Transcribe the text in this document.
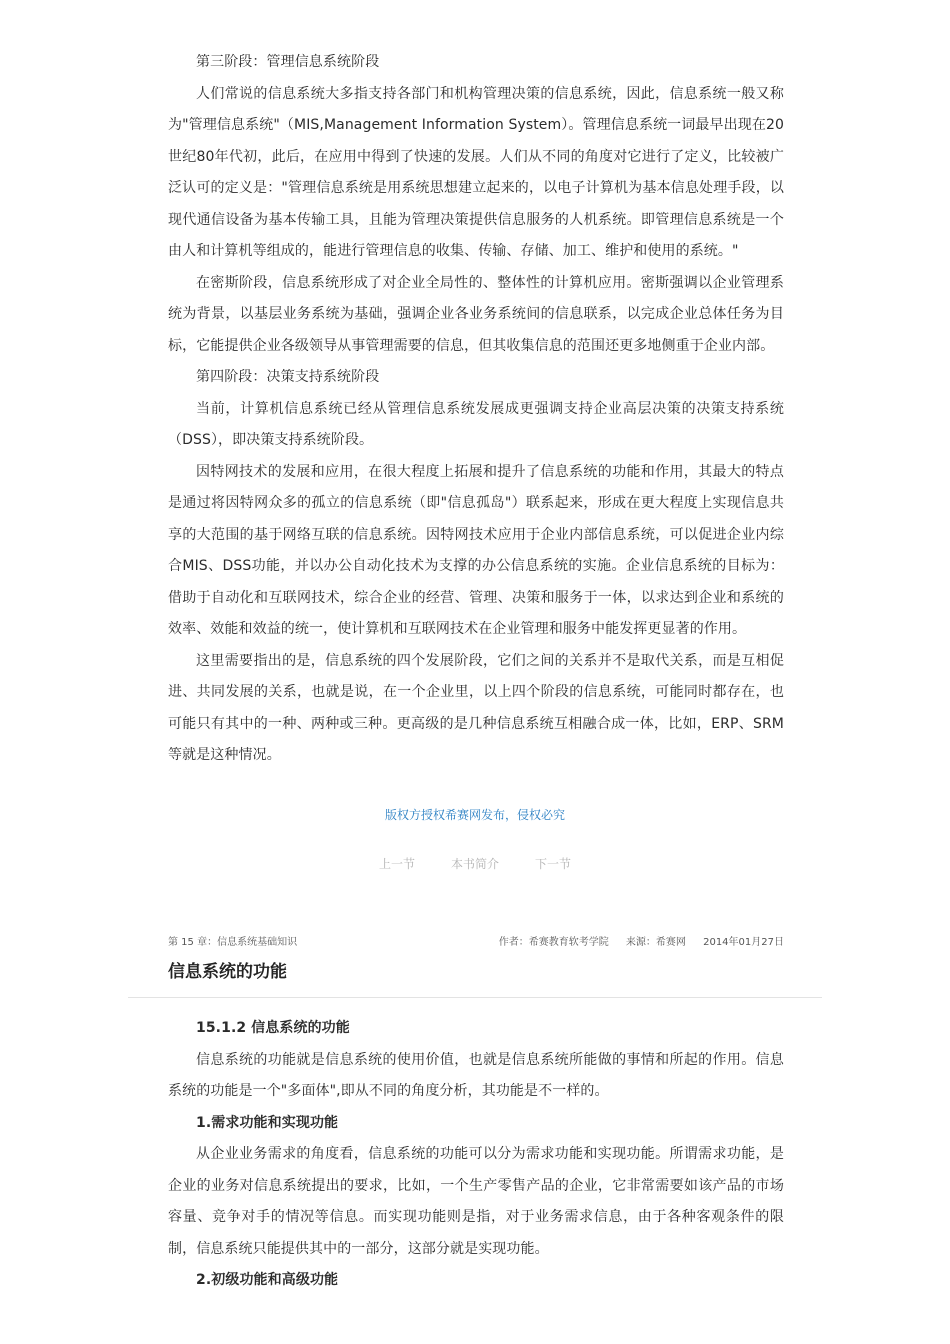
第三阶段：管理信息系统阶段

人们常说的信息系统大多指支持各部门和机构管理决策的信息系统，因此，信息系统一般又称为"管理信息系统"（MIS,Management Information System）。管理信息系统一词最早出现在20世纪80年代初，此后，在应用中得到了快速的发展。人们从不同的角度对它进行了定义，比较被广泛认可的定义是："管理信息系统是用系统思想建立起来的，以电子计算机为基本信息处理手段，以现代通信设备为基本传输工具，且能为管理决策提供信息服务的人机系统。即管理信息系统是一个由人和计算机等组成的，能进行管理信息的收集、传输、存储、加工、维护和使用的系统。"

在密斯阶段，信息系统形成了对企业全局性的、整体性的计算机应用。密斯强调以企业管理系统为背景，以基层业务系统为基础，强调企业各业务系统间的信息联系，以完成企业总体任务为目标，它能提供企业各级领导从事管理需要的信息，但其收集信息的范围还更多地侧重于企业内部。

第四阶段：决策支持系统阶段

当前，计算机信息系统已经从管理信息系统发展成更强调支持企业高层决策的决策支持系统（DSS），即决策支持系统阶段。

因特网技术的发展和应用，在很大程度上拓展和提升了信息系统的功能和作用，其最大的特点是通过将因特网众多的孤立的信息系统（即"信息孤岛"）联系起来，形成在更大程度上实现信息共享的大范围的基于网络互联的信息系统。因特网技术应用于企业内部信息系统，可以促进企业内综合MIS、DSS功能，并以办公自动化技术为支撑的办公信息系统的实施。企业信息系统的目标为：借助于自动化和互联网技术，综合企业的经营、管理、决策和服务于一体，以求达到企业和系统的效率、效能和效益的统一，使计算机和互联网技术在企业管理和服务中能发挥更显著的作用。

这里需要指出的是，信息系统的四个发展阶段，它们之间的关系并不是取代关系，而是互相促进、共同发展的关系，也就是说，在一个企业里，以上四个阶段的信息系统，可能同时都存在，也可能只有其中的一种、两种或三种。更高级的是几种信息系统互相融合成一体，比如，ERP、SRM等就是这种情况。

版权方授权希赛网发布，侵权必究
上一节	本书简介	下一节
第 15 章：信息系统基础知识	作者：希赛教育软考学院 来源：希赛网 2014年01月27日
信息系统的功能

15.1.2 信息系统的功能

信息系统的功能就是信息系统的使用价值，也就是信息系统所能做的事情和所起的作用。信息系统的功能是一个"多面体",即从不同的角度分析，其功能是不一样的。

1.需求功能和实现功能

从企业业务需求的角度看，信息系统的功能可以分为需求功能和实现功能。所谓需求功能，是企业的业务对信息系统提出的要求，比如，一个生产零售产品的企业，它非常需要如该产品的市场容量、竞争对手的情况等信息。而实现功能则是指，对于业务需求信息，由于各种客观条件的限制，信息系统只能提供其中的一部分，这部分就是实现功能。

2.初级功能和高级功能
